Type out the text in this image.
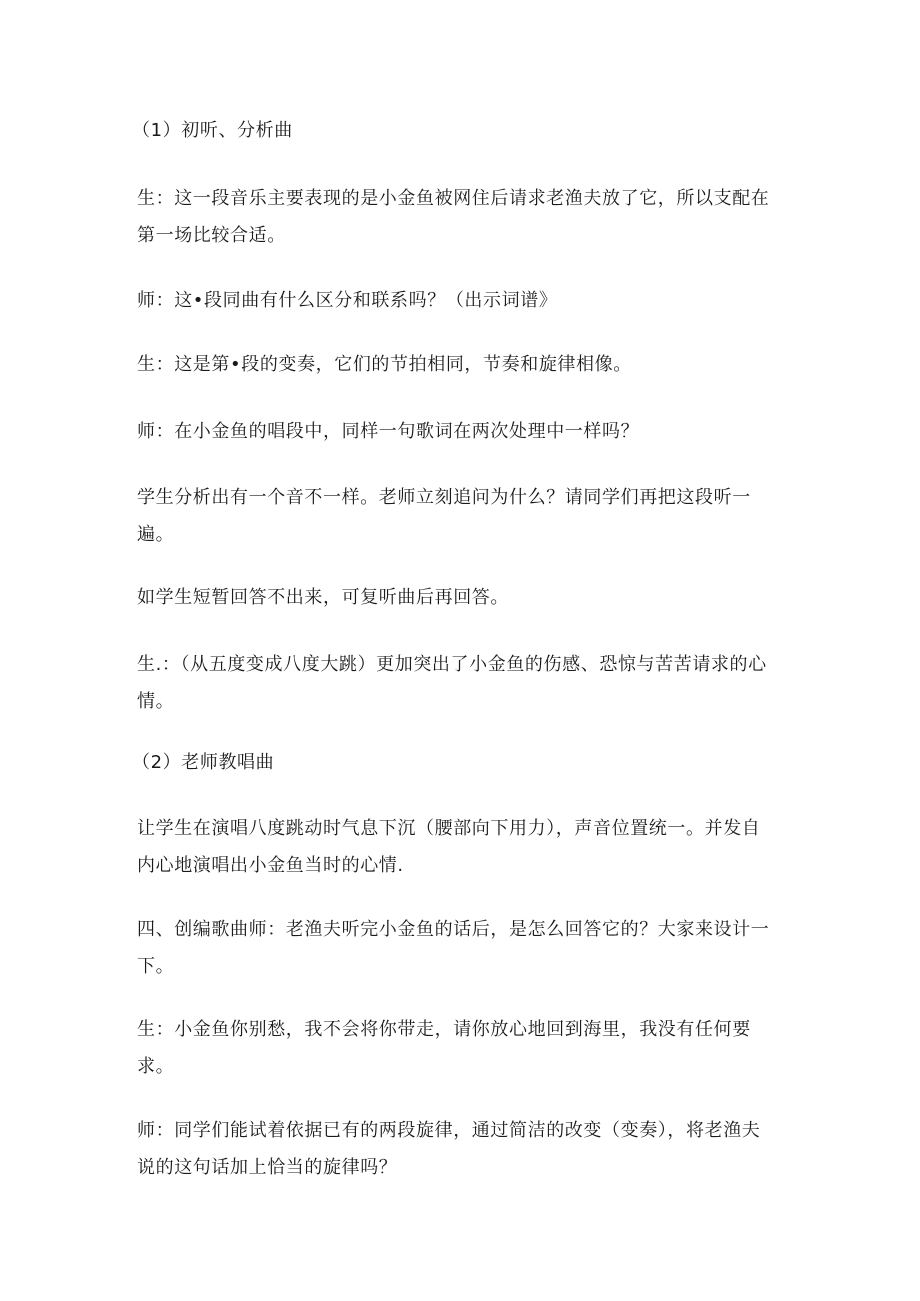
（1）初听、分析曲

生：这一段音乐主要表现的是小金鱼被网住后请求老渔夫放了它，所以支配在第一场比较合适。

师：这•段同曲有什么区分和联系吗？（出示词谱》

生：这是第•段的变奏，它们的节拍相同，节奏和旋律相像。

师：在小金鱼的唱段中，同样一句歌词在两次处理中一样吗？

学生分析出有一个音不一样。老师立刻追问为什么？请同学们再把这段听一遍。

如学生短暂回答不出来，可复听曲后再回答。

生.：（从五度变成八度大跳）更加突出了小金鱼的伤感、恐惊与苦苦请求的心情。

（2）老师教唱曲

让学生在演唱八度跳动时气息下沉（腰部向下用力），声音位置统一。并发自内心地演唱出小金鱼当时的心情.

四、创编歌曲师：老渔夫听完小金鱼的话后，是怎么回答它的？大家来设计一下。

生：小金鱼你别愁，我不会将你带走，请你放心地回到海里，我没有任何要求。

师：同学们能试着依据已有的两段旋律，通过简洁的改变（变奏），将老渔夫说的这句话加上恰当的旋律吗？
